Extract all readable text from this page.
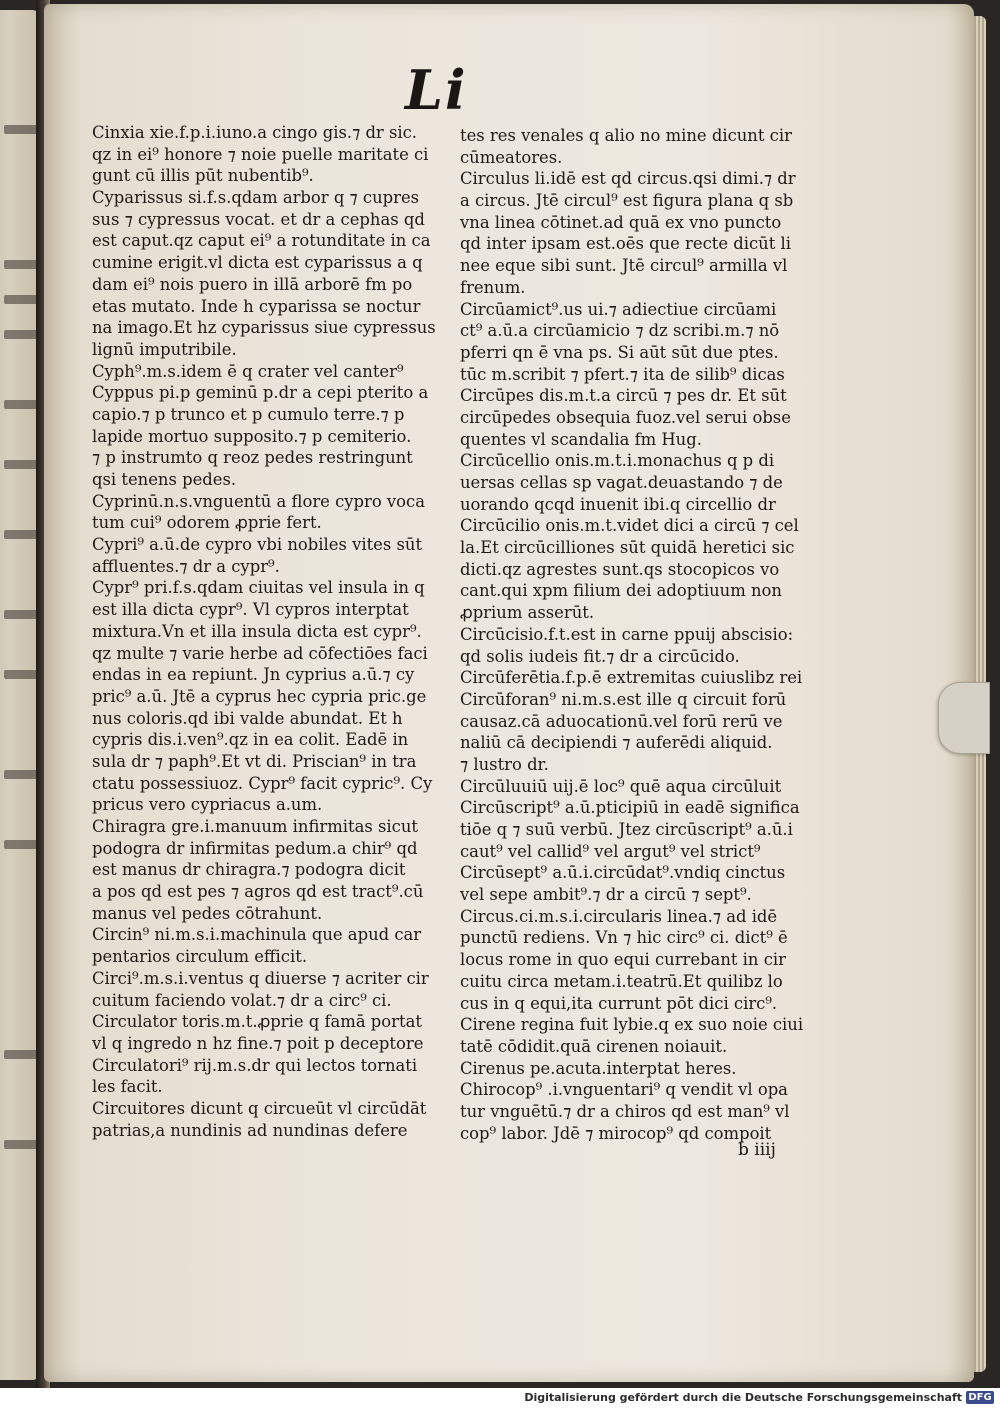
Li
Cinxia xie.f.p.i.iuno.a cingo gis.⁊ dr sic.
qz in ei⁹ honore ⁊ noie puelle maritate ci
gunt cū illis pūt nubentib⁹.
Cyparissus si.f.s.qdam arbor q ⁊ cupres
sus ⁊ cypressus vocat. et dr a cephas qd
est caput.qz caput ei⁹ a rotunditate in ca
cumine erigit.vl dicta est cyparissus a q
dam ei⁹ nois puero in illā arborē fm po
etas mutato. Inde h cyparissa se noctur
na imago.Et hz cyparissus siue cypressus
lignū imputribile.
Cyph⁹.m.s.idem ē q crater vel canter⁹
Cyppus pi.p geminū p.dr a cepi pterito a
capio.⁊ p trunco et p cumulo terre.⁊ p
lapide mortuo supposito.⁊ p cemiterio.
⁊ p instrumto q reoz pedes restringunt
qsi tenens pedes.
Cyprinū.n.s.vnguentū a flore cypro voca
tum cui⁹ odorem ꝓprie fert.
Cypri⁹ a.ū.de cypro vbi nobiles vites sūt
affluentes.⁊ dr a cypr⁹.
Cypr⁹ pri.f.s.qdam ciuitas vel insula in q
est illa dicta cypr⁹. Vl cypros interptat
mixtura.Vn et illa insula dicta est cypr⁹.
qz multe ⁊ varie herbe ad cōfectiōes faci
endas in ea repiunt. Jn cyprius a.ū.⁊ cy
pric⁹ a.ū. Jtē a cyprus hec cypria pric.ge
nus coloris.qd ibi valde abundat. Et h
cypris dis.i.ven⁹.qz in ea colit. Eadē in
sula dr ⁊ paph⁹.Et vt di. Priscian⁹ in tra
ctatu possessiuoz. Cypr⁹ facit cypric⁹. Cy
pricus vero cypriacus a.um.
Chiragra gre.i.manuum infirmitas sicut
podogra dr infirmitas pedum.a chir⁹ qd
est manus dr chiragra.⁊ podogra dicit
a pos qd est pes ⁊ agros qd est tract⁹.cū
manus vel pedes cōtrahunt.
Circin⁹ ni.m.s.i.machinula que apud car
pentarios circulum efficit.
Circi⁹.m.s.i.ventus q diuerse ⁊ acriter cir
cuitum faciendo volat.⁊ dr a circ⁹ ci.
Circulator toris.m.t.ꝓprie q famā portat
vl q ingredo n hz fine.⁊ poit p deceptore
Circulatori⁹ rij.m.s.dr qui lectos tornati
les facit.
Circuitores dicunt q circueūt vl circūdāt
patrias,a nundinis ad nundinas defere
tes res venales q alio no mine dicunt cir
cūmeatores.
Circulus li.idē est qd circus.qsi dimi.⁊ dr
a circus. Jtē circul⁹ est figura plana q sb
vna linea cōtinet.ad quā ex vno puncto
qd inter ipsam est.oēs que recte dicūt li
nee eque sibi sunt. Jtē circul⁹ armilla vl
frenum.
Circūamict⁹.us ui.⁊ adiectiue circūami
ct⁹ a.ū.a circūamicio ⁊ dz scribi.m.⁊ nō
pferri qn ē vna ps. Si aūt sūt due ptes.
tūc m.scribit ⁊ pfert.⁊ ita de silib⁹ dicas
Circūpes dis.m.t.a circū ⁊ pes dr. Et sūt
circūpedes obsequia fuoz.vel serui obse
quentes vl scandalia fm Hug.
Circūcellio onis.m.t.i.monachus q p di
uersas cellas sp vagat.deuastando ⁊ de
uorando qcqd inuenit ibi.q circellio dr
Circūcilio onis.m.t.videt dici a circū ⁊ cel
la.Et circūcilliones sūt quidā heretici sic
dicti.qz agrestes sunt.qs stocopicos vo
cant.qui xpm filium dei adoptiuum non
ꝓprium asserūt.
Circūcisio.f.t.est in carne ppuij abscisio:
qd solis iudeis fit.⁊ dr a circūcido.
Circūferētia.f.p.ē extremitas cuiuslibz rei
Circūforan⁹ ni.m.s.est ille q circuit forū
causaz.cā aduocationū.vel forū rerū ve
naliū cā decipiendi ⁊ auferēdi aliquid.
⁊ lustro dr.
Circūluuiū uij.ē loc⁹ quē aqua circūluit
Circūscript⁹ a.ū.pticipiū in eadē significa
tiōe q ⁊ suū verbū. Jtez circūscript⁹ a.ū.i
caut⁹ vel callid⁹ vel argut⁹ vel strict⁹
Circūsept⁹ a.ū.i.circūdat⁹.vndiq cinctus
vel sepe ambit⁹.⁊ dr a circū ⁊ sept⁹.
Circus.ci.m.s.i.circularis linea.⁊ ad idē
punctū rediens. Vn ⁊ hic circ⁹ ci. dict⁹ ē
locus rome in quo equi currebant in cir
cuitu circa metam.i.teatrū.Et quilibz lo
cus in q equi,ita currunt pōt dici circ⁹.
Cirene regina fuit lybie.q ex suo noie ciui
tatē cōdidit.quā cirenen noiauit.
Cirenus pe.acuta.interptat heres.
Chirocop⁹ .i.vnguentari⁹ q vendit vl opa
tur vnguētū.⁊ dr a chiros qd est man⁹ vl
cop⁹ labor. Jdē ⁊ mirocop⁹ qd compoit
b iiij
Digitalisierung gefördert durch die Deutsche Forschungsgemeinschaft DFG
